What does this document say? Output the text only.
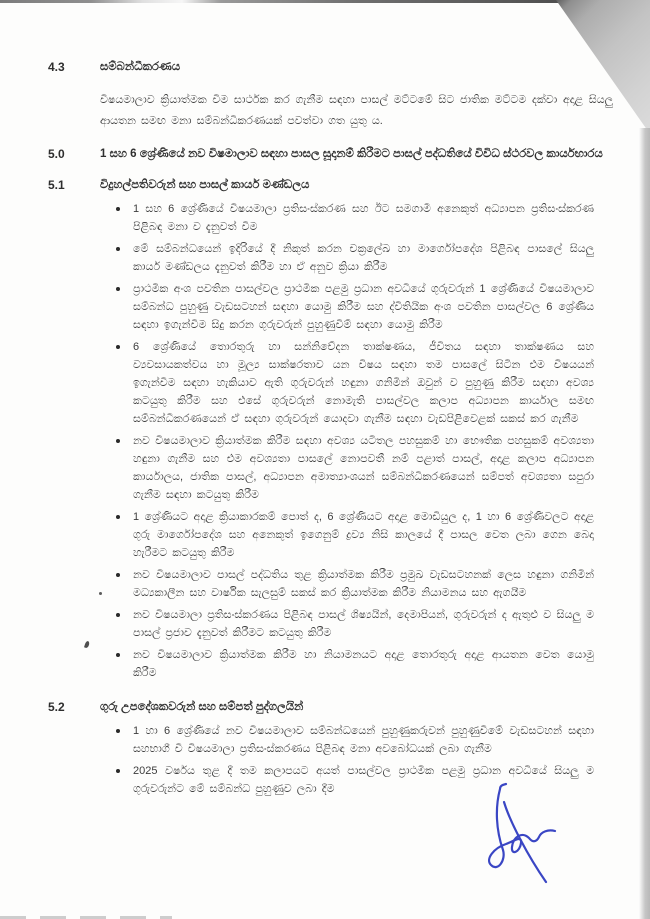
4.3	සම්බන්ධීකරණය

විෂයමාලාව ක්‍රියාත්මක විම සාර්ථක කර ගැනීම සඳහා පාසල් මට්ටමේ සිට ජාතික මට්ටම දක්වා අදාළ සියලු ආයතන සමඟ මනා සම්බන්ධීකරණයක් පවත්වා ගත යුතු ය.

5.0	1 සහ 6 ශ්‍රේණියේ නව විෂමාලාව සඳහා පාසල සූදානම් කිරීමට පාසල් පද්ධතියේ විවිධ ස්ථරවල කාර්යභාරය
5.1	විදුහල්පතිවරුන් සහ පාසල් කාර්ය මණ්ඩලය
1 සහ 6 ශ්‍රේණියේ විෂයමාලා ප්‍රතිසංස්කරණ සහ ඊට සමගාමී අනෙකුත් අධ්‍යාපන ප්‍රතිසංස්කරණ පිළිබඳ මනා ව දැනුවත් වීම
මේ සම්බන්ධයෙන් ඉදිරියේ දී නිකුත් කරන චක්‍රලේඛ හා මාර්ගෝපදේශ පිළිබඳ පාසලේ සියලු කාර්ය මණ්ඩලය දැනුවත් කිරීම හා ඒ අනුව ක්‍රියා කිරීම
ප්‍රාථමික අංශ පවතින පාසල්වල ප්‍රාථමික පළමු ප්‍රධාන අවධියේ ගුරුවරුන් 1 ශ්‍රේණියේ විෂයමාලාව සම්බන්ධ පුහුණු වැඩසටහන් සඳහා යොමු කිරීම සහ ද්විතියික අංශ පවතින පාසල්වල 6 ශ්‍රේණිය සඳහා ඉගැන්වීම සිදු කරන ගුරුවරුන් පුහුණුවීම් සඳහා යොමු කිරීම
6 ශ්‍රේණියේ තොරතුරු හා සන්නිවේදන තාක්ෂණය, ජීවිතය සඳහා තාක්ෂණය සහ ව්‍යවසායකත්වය හා මූල්‍ය සාක්ෂරතාව යන විෂය සඳහා තම පාසලේ සිටින එම විෂයයන් ඉගැන්වීම සඳහා හැකියාව ඇති ගුරුවරුන් හඳුනා ගනිමින් ඔවුන් ව පුහුණු කිරීම සඳහා අවශ්‍ය කටයුතු කිරීම සහ එසේ ගුරුවරුන් නොමැති පාසල්වල කලාප අධ්‍යාපන කාර්යාල සමඟ සම්බන්ධීකරණයෙන් ඒ සඳහා ගුරුවරුන් යොදවා ගැනීම සඳහා වැඩපිළිවෙළක් සකස් කර ගැනීම
නව විෂයමාලාව ක්‍රියාත්මක කිරීම සඳහා අවශ්‍ය යටිතල පහසුකම් හා භෞතික පහසුකම් අවශ්‍යතා හඳුනා ගැනීම සහ එම අවශ්‍යතා පාසලේ නොපවතී නම් පළාත් පාසල්, අදාළ කලාප අධ්‍යාපන කාර්යාලය, ජාතික පාසල්, අධ්‍යාපන අමාත්‍යාංශයන් සම්බන්ධීකරණයෙන් සම්පත් අවශ්‍යතා සපුරා ගැනීම සඳහා කටයුතු කිරීම
1 ශ්‍රේණියට අදාළ ක්‍රියාකාරකම් පොත් ද, 6 ශ්‍රේණියට අදාළ මොඩියුල ද, 1 හා 6 ශ්‍රේණිවලට අදාළ ගුරු මාර්ගෝපදේශ සහ අනෙකුත් ඉගෙනුම් ද්‍රව්‍ය නිසි කාලයේ දී පාසල වෙත ලබා ගෙන බෙදා හැරීමට කටයුතු කිරීම
නව විෂයමාලාව පාසල් පද්ධතිය තුළ ක්‍රියාත්මක කිරීම ප්‍රමුඛ වැඩසටහනක් ලෙස හඳුනා ගනිමින් මධ්‍යකාලීන සහ වාර්ෂික සැලසුම් සකස් කර ක්‍රියාත්මක කිරීම නියාමනය සහ ඇගයීම
නව විෂයමාලා ප්‍රතිසංස්කරණය පිළිබඳ පාසල් ශිෂ්‍යයින්, දෙමාපියන්, ගුරුවරුන් ද ඇතුළු ව සියලු ම පාසල් ප්‍රජාව දැනුවත් කිරීමට කටයුතු කිරීම
නව විෂයමාලාව ක්‍රියාත්මක කිරීම හා නියාමනයට අදාළ තොරතුරු අදාළ ආයතන වෙත යොමු කිරීම
5.2	ගුරු උපදේශකවරුන් සහ සම්පත් පුද්ගලයින්
1 හා 6 ශ්‍රේණියේ නව විෂයමාලාව සම්බන්ධයෙන් පුහුණුකරුවන් පුහුණුවීමේ වැඩසටහන් සඳහා සහභාගී වී විෂයමාලා ප්‍රතිසංස්කරණය පිළිබඳ මනා අවබෝධයක් ලබා ගැනීම
2025 වර්ෂය තුළ දී තම කලාපයට අයත් පාසල්වල ප්‍රාථමික පළමු ප්‍රධාන අවධියේ සියලු ම ගුරුවරුන්ට මේ සම්බන්ධ පුහුණුව ලබා දීම
